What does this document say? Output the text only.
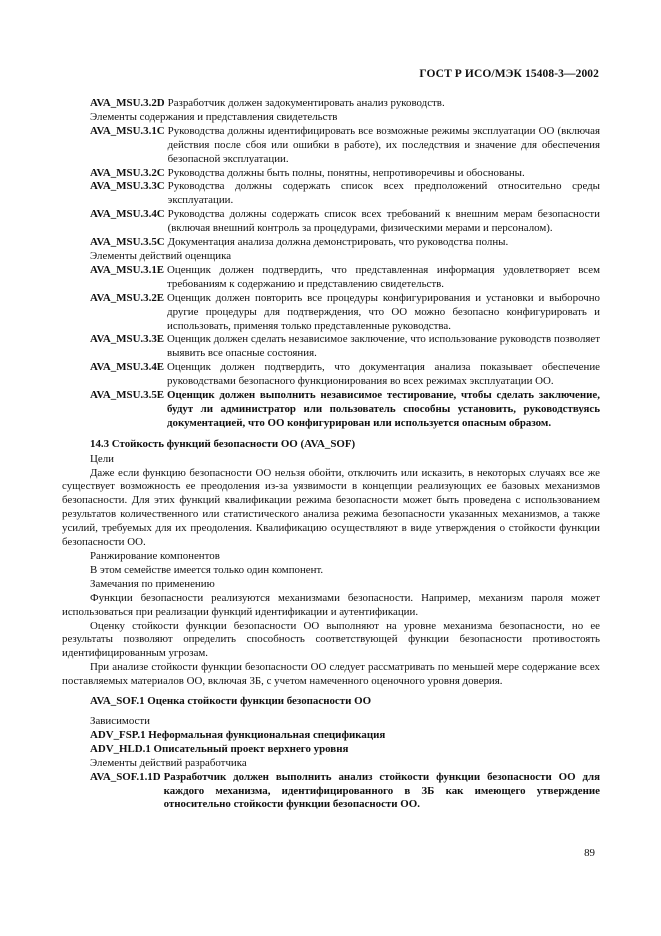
ГОСТ Р ИСО/МЭК 15408-3—2002
AVA_MSU.3.2D Разработчик должен задокументировать анализ руководств.
Элементы содержания и представления свидетельств
AVA_MSU.3.1C Руководства должны идентифицировать все возможные режимы эксплуатации ОО (включая действия после сбоя или ошибки в работе), их последствия и значение для обеспечения безопасной эксплуатации.
AVA_MSU.3.2C Руководства должны быть полны, понятны, непротиворечивы и обоснованы.
AVA_MSU.3.3C Руководства должны содержать список всех предположений относительно среды эксплуатации.
AVA_MSU.3.4C Руководства должны содержать список всех требований к внешним мерам безопасности (включая внешний контроль за процедурами, физическими мерами и персоналом).
AVA_MSU.3.5C Документация анализа должна демонстрировать, что руководства полны.
Элементы действий оценщика
AVA_MSU.3.1E Оценщик должен подтвердить, что представленная информация удовлетворяет всем требованиям к содержанию и представлению свидетельств.
AVA_MSU.3.2E Оценщик должен повторить все процедуры конфигурирования и установки и выборочно другие процедуры для подтверждения, что ОО можно безопасно конфигурировать и использовать, применяя только представленные руководства.
AVA_MSU.3.3E Оценщик должен сделать независимое заключение, что использование руководств позволяет выявить все опасные состояния.
AVA_MSU.3.4E Оценщик должен подтвердить, что документация анализа показывает обеспечение руководствами безопасного функционирования во всех режимах эксплуатации ОО.
AVA_MSU.3.5E Оценщик должен выполнить независимое тестирование, чтобы сделать заключение, будут ли администратор или пользователь способны установить, руководствуясь документацией, что ОО конфигурирован или используется опасным образом.
14.3 Стойкость функций безопасности ОО (AVA_SOF)
Цели
Даже если функцию безопасности ОО нельзя обойти, отключить или исказить, в некоторых случаях все же существует возможность ее преодоления из-за уязвимости в концепции реализующих ее базовых механизмов безопасности. Для этих функций квалификации режима безопасности может быть проведена с использованием результатов количественного или статистического анализа режима безопасности указанных механизмов, а также усилий, требуемых для их преодоления. Квалификацию осуществляют в виде утверждения о стойкости функции безопасности ОО.
Ранжирование компонентов
В этом семействе имеется только один компонент.
Замечания по применению
Функции безопасности реализуются механизмами безопасности. Например, механизм пароля может использоваться при реализации функций идентификации и аутентификации.
Оценку стойкости функции безопасности ОО выполняют на уровне механизма безопасности, но ее результаты позволяют определить способность соответствующей функции безопасности противостоять идентифицированным угрозам.
При анализе стойкости функции безопасности ОО следует рассматривать по меньшей мере содержание всех поставляемых материалов ОО, включая ЗБ, с учетом намеченного оценочного уровня доверия.
AVA_SOF.1 Оценка стойкости функции безопасности ОО
Зависимости
ADV_FSP.1 Неформальная функциональная спецификация
ADV_HLD.1 Описательный проект верхнего уровня
Элементы действий разработчика
AVA_SOF.1.1D Разработчик должен выполнить анализ стойкости функции безопасности ОО для каждого механизма, идентифицированного в ЗБ как имеющего утверждение относительно стойкости функции безопасности ОО.
89
